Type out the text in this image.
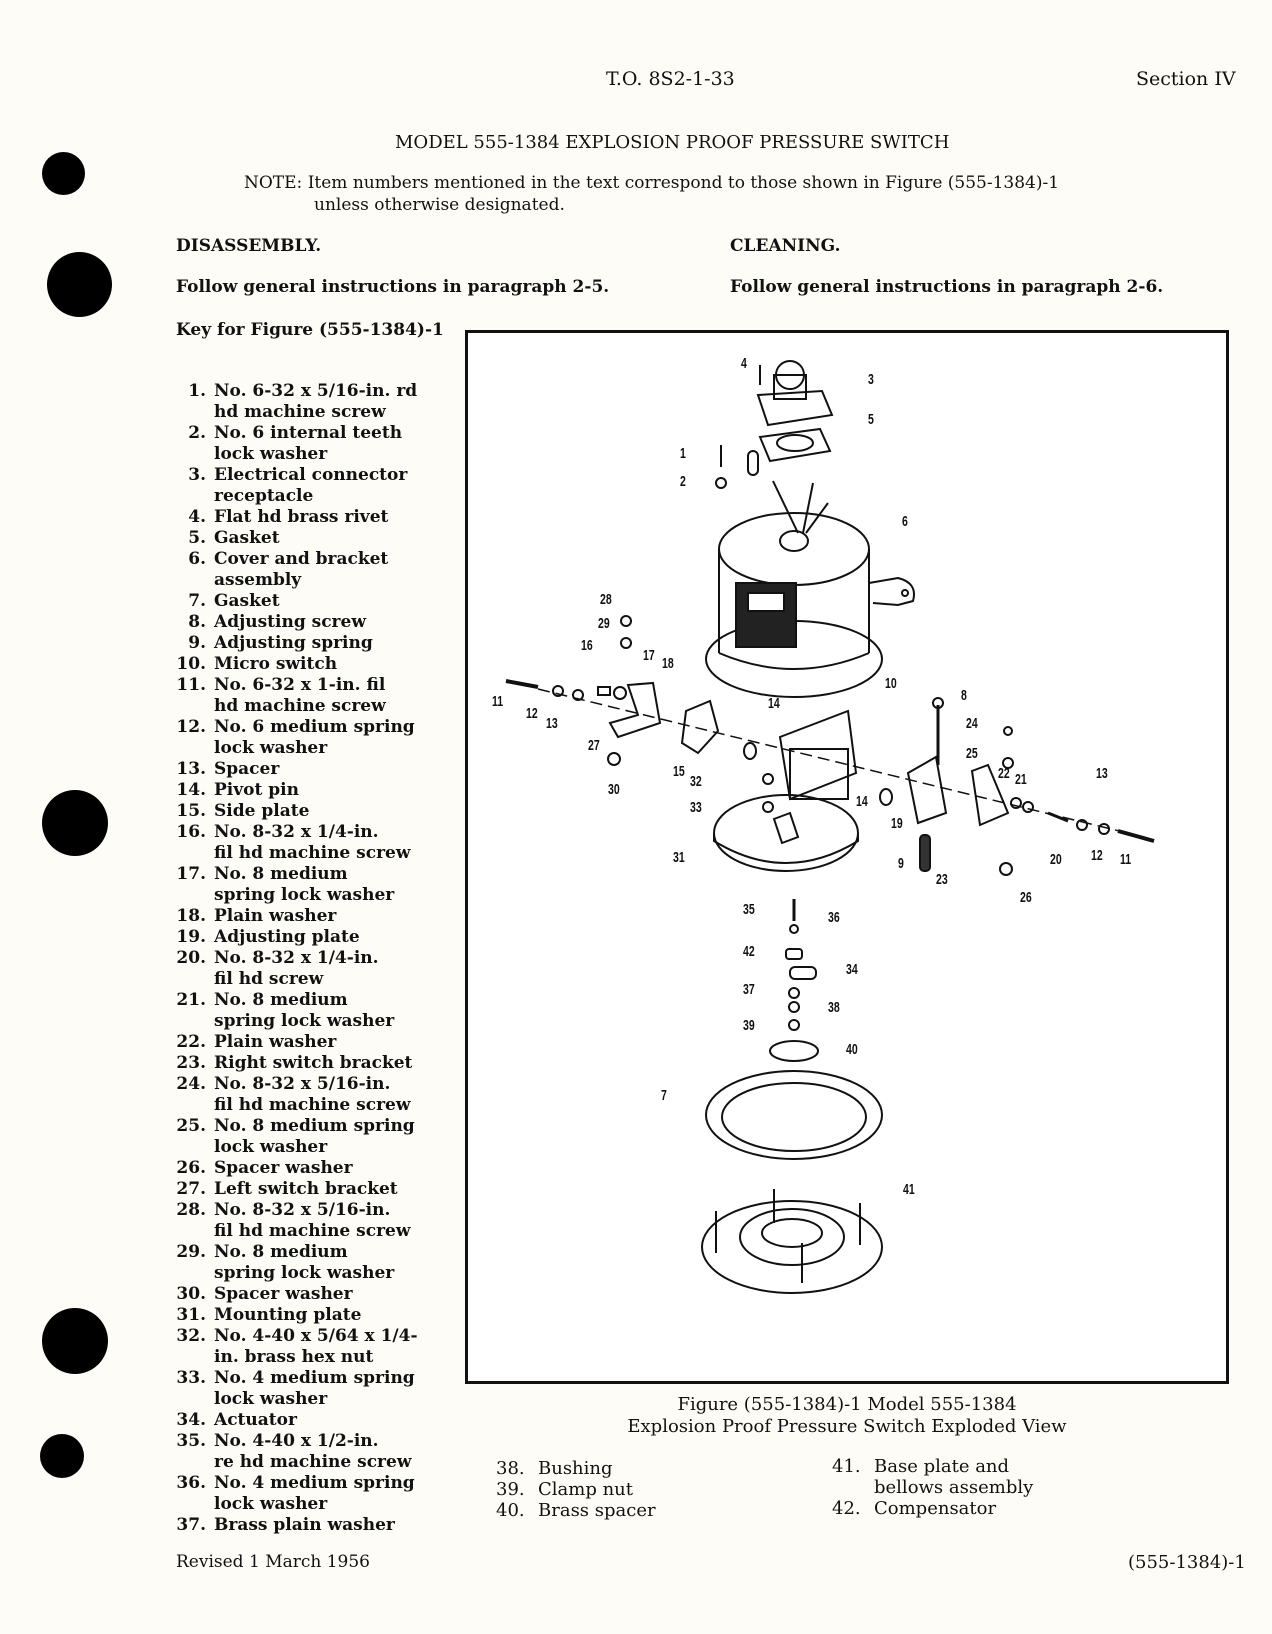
T.O. 8S2-1-33	Section IV
MODEL 555-1384 EXPLOSION PROOF PRESSURE SWITCH
NOTE: Item numbers mentioned in the text correspond to those shown in Figure (555-1384)-1
unless otherwise designated.
DISASSEMBLY.
Follow general instructions in paragraph 2-5.
CLEANING.
Follow general instructions in paragraph 2-6.
Key for Figure (555-1384)-1
1. No. 6-32 x 5/16-in. rd
hd machine screw
2. No. 6 internal teeth
lock washer
3. Electrical connector
receptacle
4. Flat hd brass rivet
5. Gasket
6. Cover and bracket
assembly
7. Gasket
8. Adjusting screw
9. Adjusting spring
10. Micro switch
11. No. 6-32 x 1-in. fil
hd machine screw
12. No. 6 medium spring
lock washer
13. Spacer
14. Pivot pin
15. Side plate
16. No. 8-32 x 1/4-in.
fil hd machine screw
17. No. 8 medium
spring lock washer
18. Plain washer
19. Adjusting plate
20. No. 8-32 x 1/4-in.
fil hd screw
21. No. 8 medium
spring lock washer
22. Plain washer
23. Right switch bracket
24. No. 8-32 x 5/16-in.
fil hd machine screw
25. No. 8 medium spring
lock washer
26. Spacer washer
27. Left switch bracket
28. No. 8-32 x 5/16-in.
fil hd machine screw
29. No. 8 medium
spring lock washer
30. Spacer washer
31. Mounting plate
32. No. 4-40 x 5/64 x 1/4-
in. brass hex nut
33. No. 4 medium spring
lock washer
34. Actuator
35. No. 4-40 x 1/2-in.
re hd machine screw
36. No. 4 medium spring
lock washer
37. Brass plain washer
4
3
5
1
2
6
28
29
16
17 18
10
8
11
12
13
14
24
27	25
13
22 21
15
32
30
33	14
19
31	9	20 12 11
23
26
35	36
42
34
37
38
39
40
7
41
Figure (555-1384)-1 Model 555-1384
Explosion Proof Pressure Switch Exploded View
38. Bushing
39. Clamp nut
40. Brass spacer
41. Base plate and
bellows assembly
42. Compensator
Revised 1 March 1956	(555-1384)-1
